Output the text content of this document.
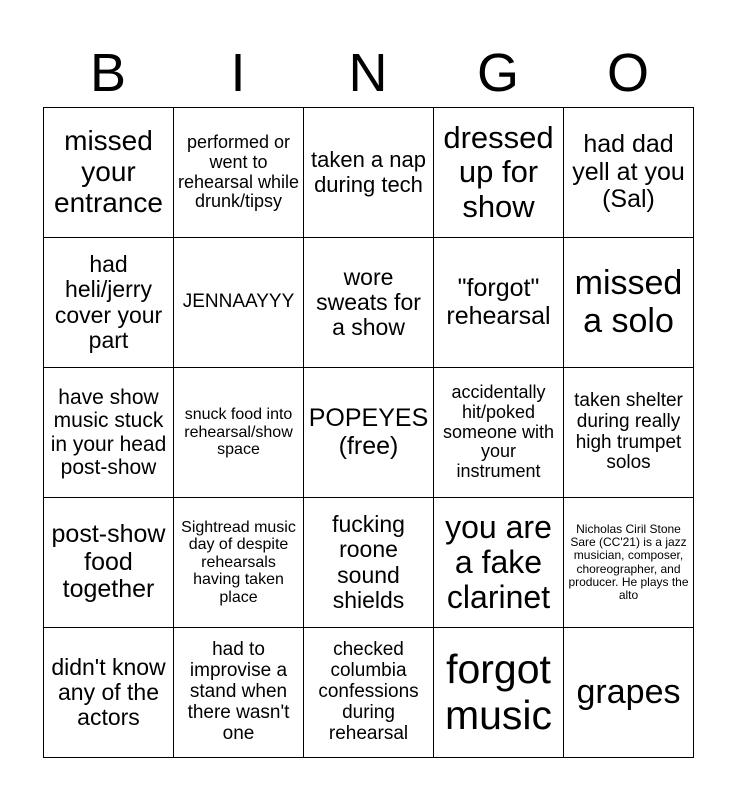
B	I	N	G	O
missed your entrance	performed or went to rehearsal while drunk/tipsy	taken a nap during tech	dressed up for show	had dad yell at you (Sal)
had heli/jerry cover your part	JENNAAYYY	wore sweats for a show	"forgot" rehearsal	missed a solo
have show music stuck in your head post-show	snuck food into rehearsal/show space	POPEYES (free)	accidentally hit/poked someone with your instrument	taken shelter during really high trumpet solos
post-show food together	Sightread music day of despite rehearsals having taken place	fucking roone sound shields	you are a fake clarinet	Nicholas Ciril Stone Sare (CC'21) is a jazz musician, composer, choreographer, and producer. He plays the alto
didn't know any of the actors	had to improvise a stand when there wasn't one	checked columbia confessions during rehearsal	forgot music	grapes
